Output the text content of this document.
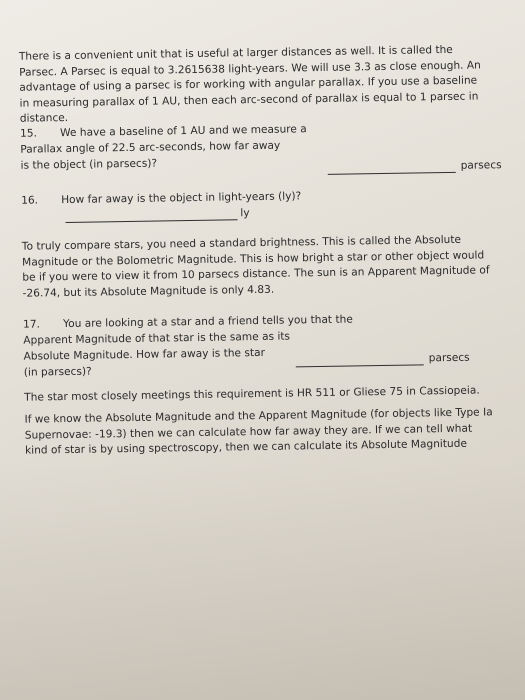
There is a convenient unit that is useful at larger distances as well. It is called the Parsec. A Parsec is equal to 3.2615638 light-years. We will use 3.3 as close enough. An advantage of using a parsec is for working with angular parallax. If you use a baseline in measuring parallax of 1 AU, then each arc-second of parallax is equal to 1 parsec in distance.

15. We have a baseline of 1 AU and we measure a
Parallax angle of 22.5 arc-seconds, how far away
is the object (in parsecs)?	parsecs
16. How far away is the object in light-years (ly)?
ly

To truly compare stars, you need a standard brightness. This is called the Absolute Magnitude or the Bolometric Magnitude. This is how bright a star or other object would be if you were to view it from 10 parsecs distance. The sun is an Apparent Magnitude of -26.74, but its Absolute Magnitude is only 4.83.

17. You are looking at a star and a friend tells you that the
Apparent Magnitude of that star is the same as its
Absolute Magnitude. How far away is the star
(in parsecs)?
parsecs

The star most closely meetings this requirement is HR 511 or Gliese 75 in Cassiopeia.

If we know the Absolute Magnitude and the Apparent Magnitude (for objects like Type Ia Supernovae: -19.3) then we can calculate how far away they are. If we can tell what kind of star is by using spectroscopy, then we can calculate its Absolute Magnitude
